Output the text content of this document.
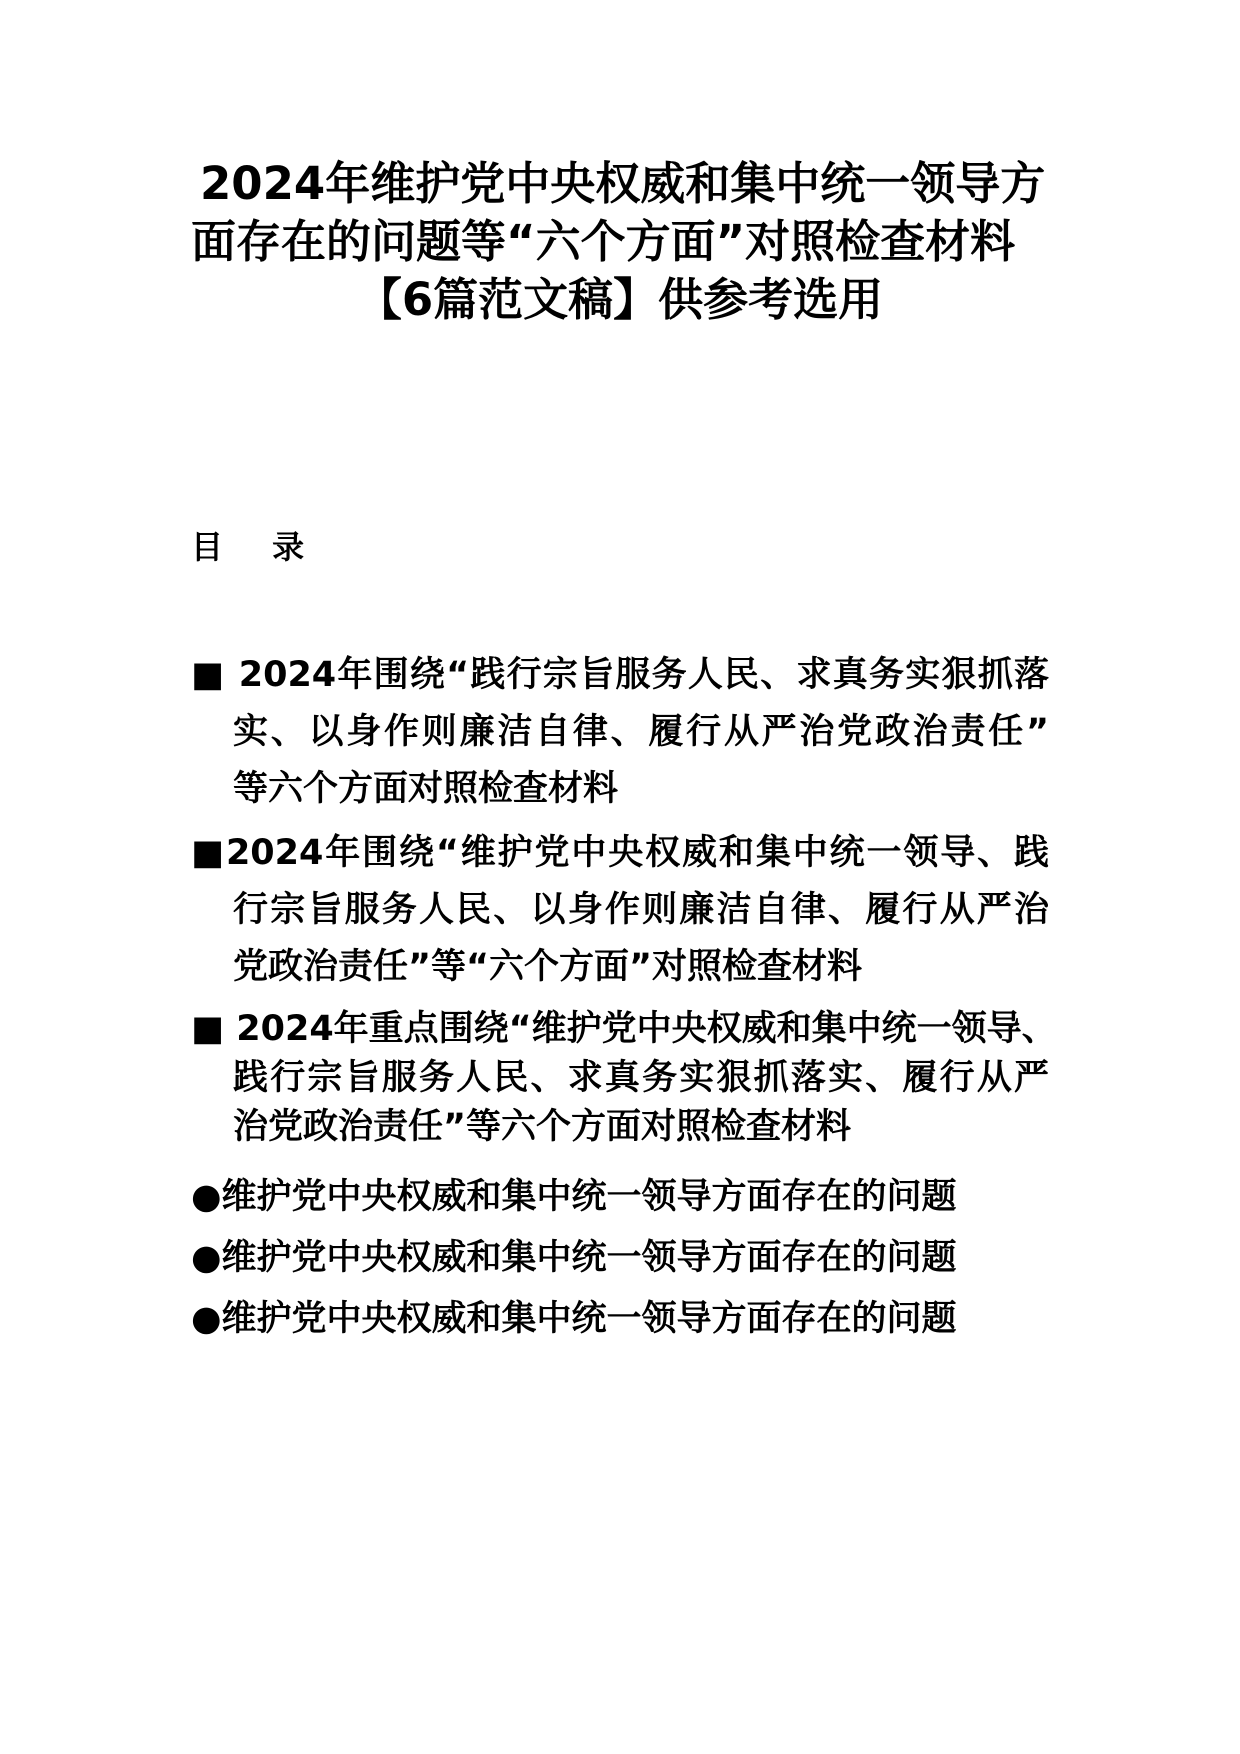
2024年维护党中央权威和集中统一领导方
面存在的问题等“六个方面”对照检查材料
【6篇范文稿】供参考选用
目 录
■ 2024年围绕“践行宗旨服务人民、求真务实狠抓落
实、以身作则廉洁自律、履行从严治党政治责任”
等六个方面对照检查材料
■2024年围绕“维护党中央权威和集中统一领导、践
行宗旨服务人民、以身作则廉洁自律、履行从严治
党政治责任”等“六个方面”对照检查材料
■ 2024年重点围绕“维护党中央权威和集中统一领导、
践行宗旨服务人民、求真务实狠抓落实、履行从严
治党政治责任”等六个方面对照检查材料
●维护党中央权威和集中统一领导方面存在的问题
●维护党中央权威和集中统一领导方面存在的问题
●维护党中央权威和集中统一领导方面存在的问题
